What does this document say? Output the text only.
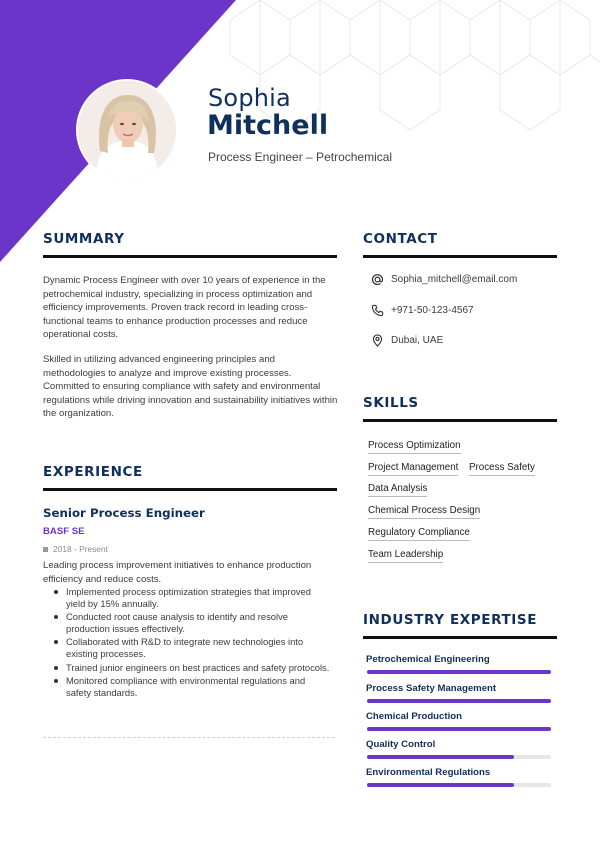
Sophia
Mitchell
Process Engineer – Petrochemical
SUMMARY

Dynamic Process Engineer with over 10 years of experience in the petrochemical industry, specializing in process optimization and efficiency improvements. Proven track record in leading cross-functional teams to enhance production processes and reduce operational costs.

Skilled in utilizing advanced engineering principles and methodologies to analyze and improve existing processes. Committed to ensuring compliance with safety and environmental regulations while driving innovation and sustainability initiatives within the organization.

EXPERIENCE
Senior Process Engineer
BASF SE
2018 - Present

Leading process improvement initiatives to enhance production efficiency and reduce costs.

Implemented process optimization strategies that improved yield by 15% annually.
Conducted root cause analysis to identify and resolve production issues effectively.
Collaborated with R&D to integrate new technologies into existing processes.
Trained junior engineers on best practices and safety protocols.
Monitored compliance with environmental regulations and safety standards.
CONTACT
Sophia_mitchell@email.com
+971-50-123-4567
Dubai, UAE
SKILLS
Process Optimization
Project Management Process Safety
Data Analysis
Chemical Process Design
Regulatory Compliance
Team Leadership
INDUSTRY EXPERTISE
Petrochemical Engineering
Process Safety Management
Chemical Production
Quality Control
Environmental Regulations
